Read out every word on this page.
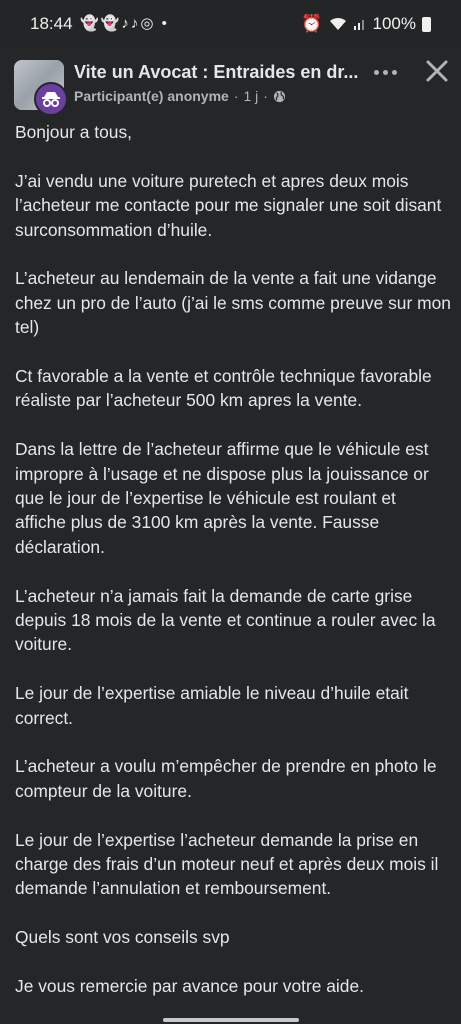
18:44 👻👻♪♪◎ •	⏰	100%
Vite un Avocat : Entraides en dr...
Participant(e) anonyme · 1 j ·

Bonjour a tous,

J’ai vendu une voiture puretech et apres deux mois l’acheteur me contacte pour me signaler une soit disant surconsommation d’huile.

L’acheteur au lendemain de la vente a fait une vidange chez un pro de l’auto (j’ai le sms comme preuve sur mon tel)

Ct favorable a la vente et contrôle technique favorable réaliste par l’acheteur 500 km apres la vente.

Dans la lettre de l’acheteur affirme que le véhicule est impropre à l’usage et ne dispose plus la jouissance or que le jour de l’expertise le véhicule est roulant et affiche plus de 3100 km après la vente. Fausse déclaration.

L’acheteur n’a jamais fait la demande de carte grise depuis 18 mois de la vente et continue a rouler avec la voiture.

Le jour de l’expertise amiable le niveau d’huile etait correct.

L’acheteur a voulu m’empêcher de prendre en photo le compteur de la voiture.

Le jour de l’expertise l’acheteur demande la prise en charge des frais d’un moteur neuf et après deux mois il demande l’annulation et remboursement.

Quels sont vos conseils svp

Je vous remercie par avance pour votre aide.
